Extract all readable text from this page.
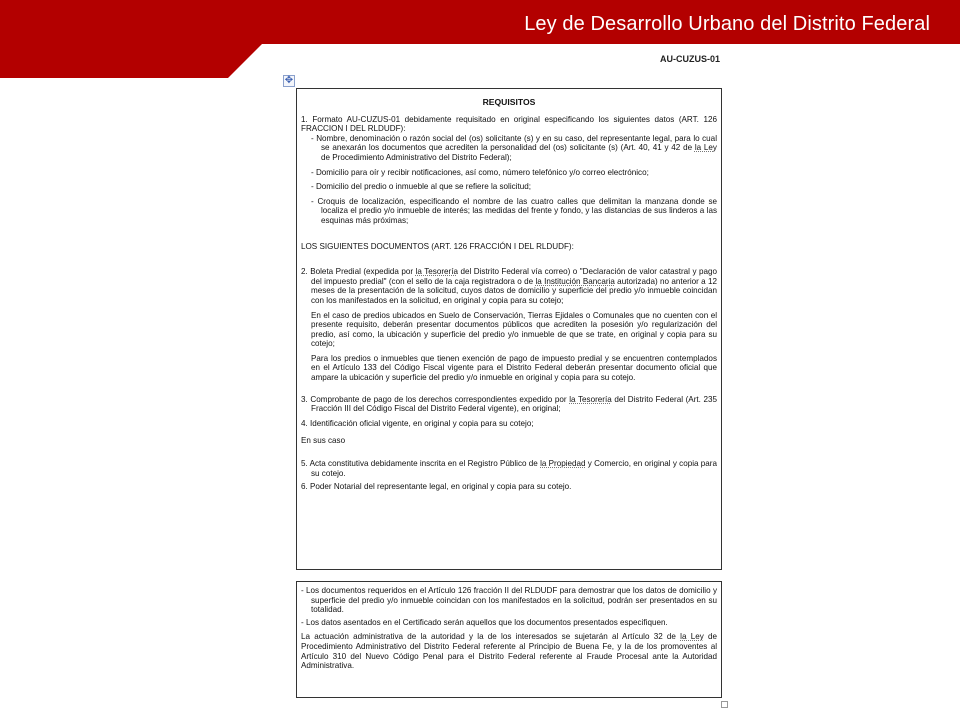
Ley de Desarrollo Urbano del Distrito Federal
AU-CUZUS-01
✥
REQUISITOS

1. Formato AU-CUZUS-01 debidamente requisitado en original especificando los siguientes datos (ART. 126 FRACCION I DEL RLDUDF):

- Nombre, denominación o razón social del (os) solicitante (s) y en su caso, del representante legal, para lo cual se anexarán los documentos que acrediten la personalidad del (os) solicitante (s) (Art. 40, 41 y 42 de la Ley de Procedimiento Administrativo del Distrito Federal);

- Domicilio para oír y recibir notificaciones, así como, número telefónico y/o correo electrónico;

- Domicilio del predio o inmueble al que se refiere la solicitud;

- Croquis de localización, especificando el nombre de las cuatro calles que delimitan la manzana donde se localiza el predio y/o inmueble de interés; las medidas del frente y fondo, y las distancias de sus linderos a las esquinas más próximas;

LOS SIGUIENTES DOCUMENTOS (ART. 126 FRACCIÓN I DEL RLDUDF):

2. Boleta Predial (expedida por la Tesorería del Distrito Federal vía correo) o "Declaración de valor catastral y pago del impuesto predial" (con el sello de la caja registradora o de la Institución Bancaria autorizada) no anterior a 12 meses de la presentación de la solicitud, cuyos datos de domicilio y superficie del predio y/o inmueble coincidan con los manifestados en la solicitud, en original y copia para su cotejo;

En el caso de predios ubicados en Suelo de Conservación, Tierras Ejidales o Comunales que no cuenten con el presente requisito, deberán presentar documentos públicos que acrediten la posesión y/o regularización del predio, así como, la ubicación y superficie del predio y/o inmueble de que se trate, en original y copia para su cotejo;

Para los predios o inmuebles que tienen exención de pago de impuesto predial y se encuentren contemplados en el Artículo 133 del Código Fiscal vigente para el Distrito Federal deberán presentar documento oficial que ampare la ubicación y superficie del predio y/o inmueble en original y copia para su cotejo.

3. Comprobante de pago de los derechos correspondientes expedido por la Tesorería del Distrito Federal (Art. 235 Fracción III del Código Fiscal del Distrito Federal vigente), en original;

4. Identificación oficial vigente, en original y copia para su cotejo;

En sus caso

5. Acta constitutiva debidamente inscrita en el Registro Público de la Propiedad y Comercio, en original y copia para su cotejo.

6. Poder Notarial del representante legal, en original y copia para su cotejo.

- Los documentos requeridos en el Artículo 126 fracción II del RLDUDF para demostrar que los datos de domicilio y superficie del predio y/o inmueble coincidan con los manifestados en la solicitud, podrán ser presentados en su totalidad.

- Los datos asentados en el Certificado serán aquellos que los documentos presentados especifiquen.

La actuación administrativa de la autoridad y la de los interesados se sujetarán al Artículo 32 de la Ley de Procedimiento Administrativo del Distrito Federal referente al Principio de Buena Fe, y la de los promoventes al Artículo 310 del Nuevo Código Penal para el Distrito Federal referente al Fraude Procesal ante la Autoridad Administrativa.
